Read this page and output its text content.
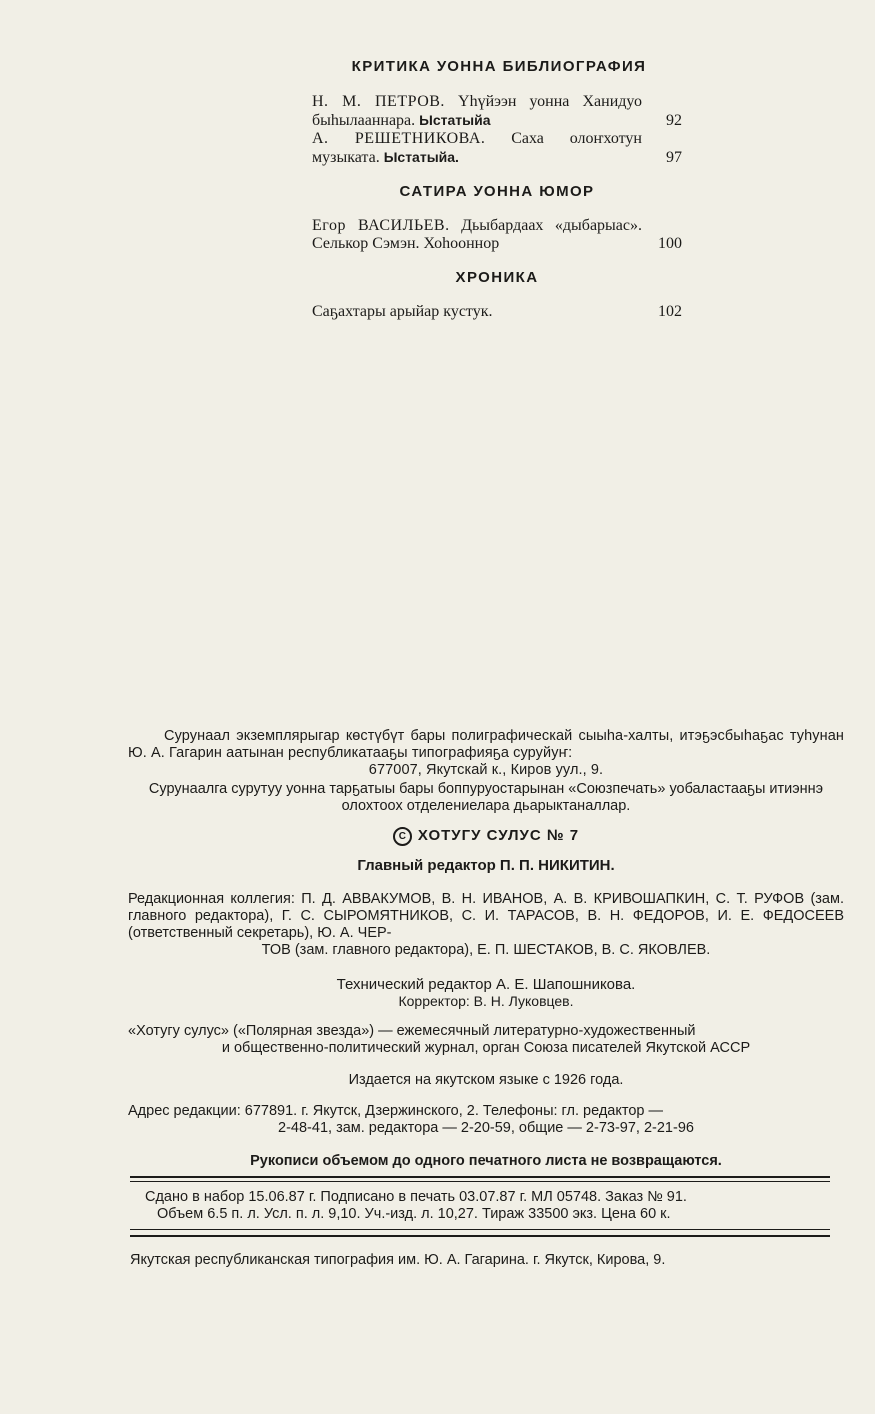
КРИТИКА УОННА БИБЛИОГРАФИЯ
Н. М. ПЕТРОВ. Үһүйээн уонна Ханидуо быһылааннара. Ыстатыйа	92
А. РЕШЕТНИКОВА. Саха олоҥхотун музыката. Ыстатыйа.	97
САТИРА УОННА ЮМОР
Егор ВАСИЛЬЕВ. Дьыбардаах «дыбарыас». Селькор Сэмэн. Хоһооннор	100
ХРОНИКА
Саҕахтары арыйар кустук.	102
Сурунаал экземплярыгар көстүбүт бары полиграфическай сыыһа-халты, итэҕэсбыһаҕас туһунан Ю. А. Гагарин аатынан республикатааҕы типографияҕа суруйуҥ:
677007, Якутскай к., Киров уул., 9.
Сурунаалга сурутуу уонна тарҕатыы бары боппуруостарынан «Союзпечать» уобаластааҕы итиэннэ олохтоох отделениелара дьарыктаналлар.
C ХОТУГУ СУЛУС № 7
Главный редактор П. П. НИКИТИН.
Редакционная коллегия: П. Д. АВВАКУМОВ, В. Н. ИВАНОВ, А. В. КРИВОШАПКИН, С. Т. РУФОВ (зам. главного редактора), Г. С. СЫРОМЯТНИКОВ, С. И. ТАРАСОВ, В. Н. ФЕДОРОВ, И. Е. ФЕДОСЕЕВ (ответственный секретарь), Ю. А. ЧЕР-
ТОВ (зам. главного редактора), Е. П. ШЕСТАКОВ, В. С. ЯКОВЛЕВ.
Технический редактор А. Е. Шапошникова.
Корректор: В. Н. Луковцев.
«Хотугу сулус» («Полярная звезда») — ежемесячный литературно-художественный
и общественно-политический журнал, орган Союза писателей Якутской АССР
Издается на якутском языке с 1926 года.
Адрес редакции: 677891. г. Якутск, Дзержинского, 2. Телефоны: гл. редактор —
2-48-41, зам. редактора — 2-20-59, общие — 2-73-97, 2-21-96
Рукописи объемом до одного печатного листа не возвращаются.
Сдано в набор 15.06.87 г. Подписано в печать 03.07.87 г. МЛ 05748. Заказ № 91.
Объем 6.5 п. л. Усл. п. л. 9,10. Уч.-изд. л. 10,27. Тираж 33500 экз. Цена 60 к.
Якутская республиканская типография им. Ю. А. Гагарина. г. Якутск, Кирова, 9.
